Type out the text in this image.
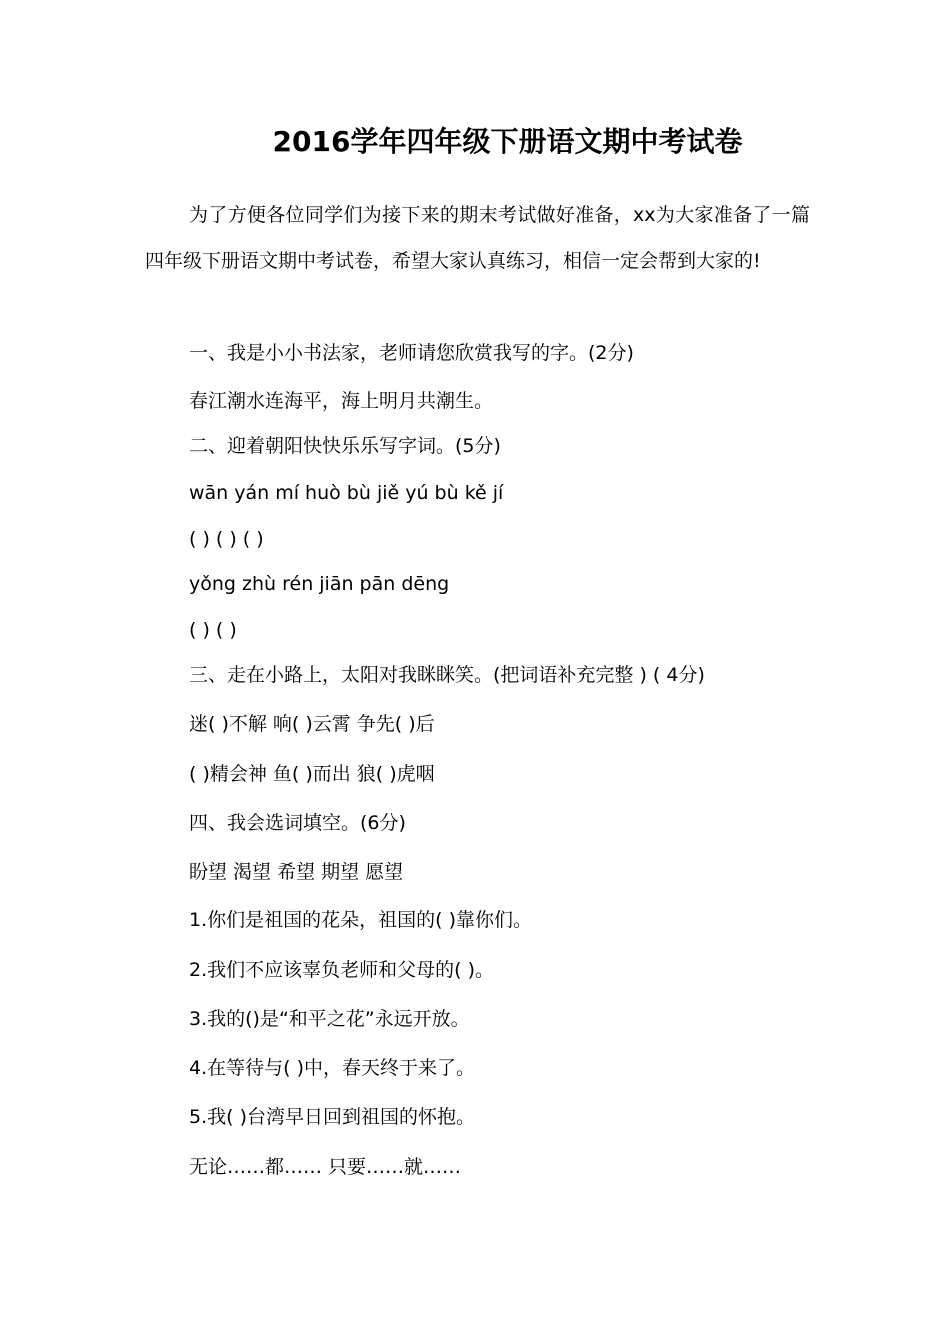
2016学年四年级下册语文期中考试卷
为了方便各位同学们为接下来的期末考试做好准备，xx为大家准备了一篇四年级下册语文期中考试卷，希望大家认真练习，相信一定会帮到大家的!
一、我是小小书法家，老师请您欣赏我写的字。(2分)
春江潮水连海平，海上明月共潮生。
二、迎着朝阳快快乐乐写字词。(5分)
wān yán mí huò bù jiě yú bù kě jí
( ) ( ) ( )
yǒng zhù rén jiān pān dēng
( ) ( )
三、走在小路上，太阳对我眯眯笑。(把词语补充完整 ) ( 4分)
迷( )不解 响( )云霄 争先( )后
( )精会神 鱼( )而出 狼( )虎咽
四、我会选词填空。(6分)
盼望 渴望 希望 期望 愿望
1.你们是祖国的花朵，祖国的( )靠你们。
2.我们不应该辜负老师和父母的( )。
3.我的()是“和平之花”永远开放。
4.在等待与( )中，春天终于来了。
5.我( )台湾早日回到祖国的怀抱。
无论……都…… 只要……就……
